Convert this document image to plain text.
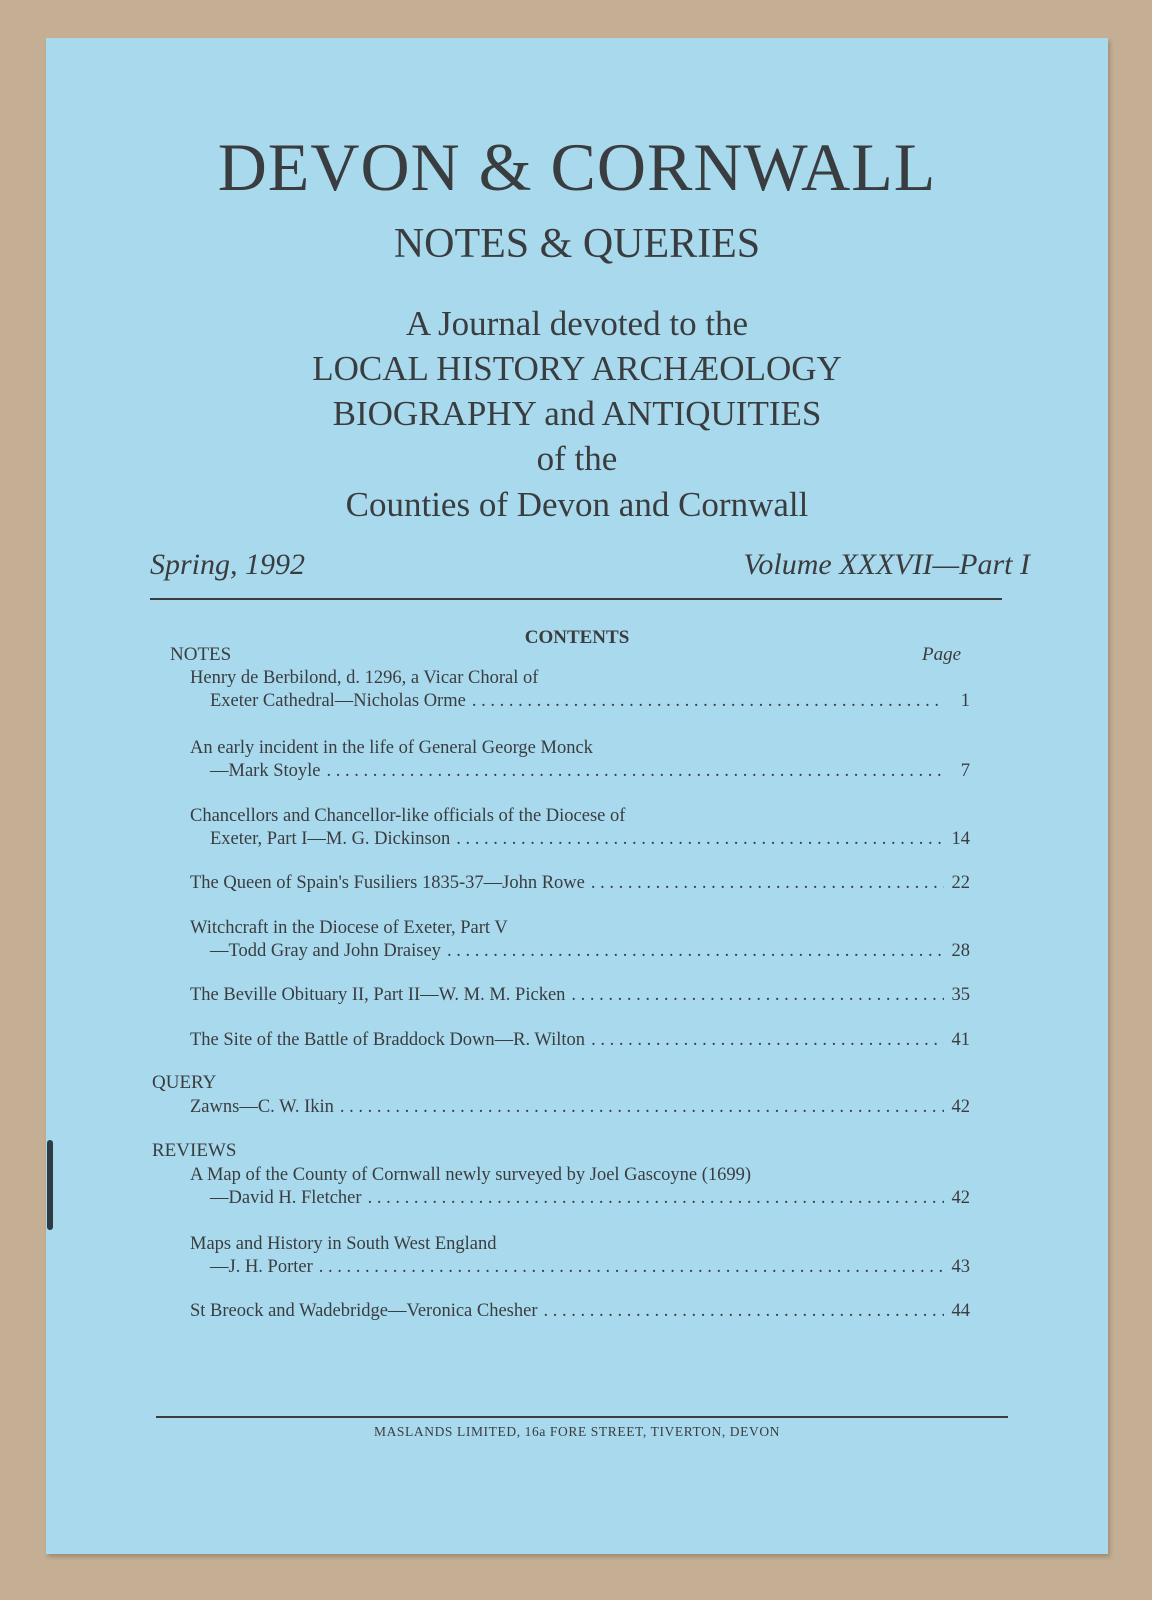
DEVON & CORNWALL
NOTES & QUERIES
A Journal devoted to the
LOCAL HISTORY ARCHÆOLOGY
BIOGRAPHY and ANTIQUITIES
of the
Counties of Devon and Cornwall
Spring, 1992	Volume XXXVII—Part I
CONTENTS
NOTES	Page
Henry de Berbilond, d. 1296, a Vicar Choral of
Exeter Cathedral—Nicholas Orme . . .	1
An early incident in the life of General George Monck
—Mark Stoyle . . .	7
Chancellors and Chancellor-like officials of the Diocese of
Exeter, Part I—M. G. Dickinson . . .	14
The Queen of Spain's Fusiliers 1835-37—John Rowe . . .	22
Witchcraft in the Diocese of Exeter, Part V
—Todd Gray and John Draisey . . .	28
The Beville Obituary II, Part II—W. M. M. Picken . . .	35
The Site of the Battle of Braddock Down—R. Wilton . . .	41
QUERY
Zawns—C. W. Ikin . . .	42
REVIEWS
A Map of the County of Cornwall newly surveyed by Joel Gascoyne (1699)
—David H. Fletcher . . .	42
Maps and History in South West England
—J. H. Porter . . .	43
St Breock and Wadebridge—Veronica Chesher . . .	44
MASLANDS LIMITED, 16a FORE STREET, TIVERTON, DEVON
